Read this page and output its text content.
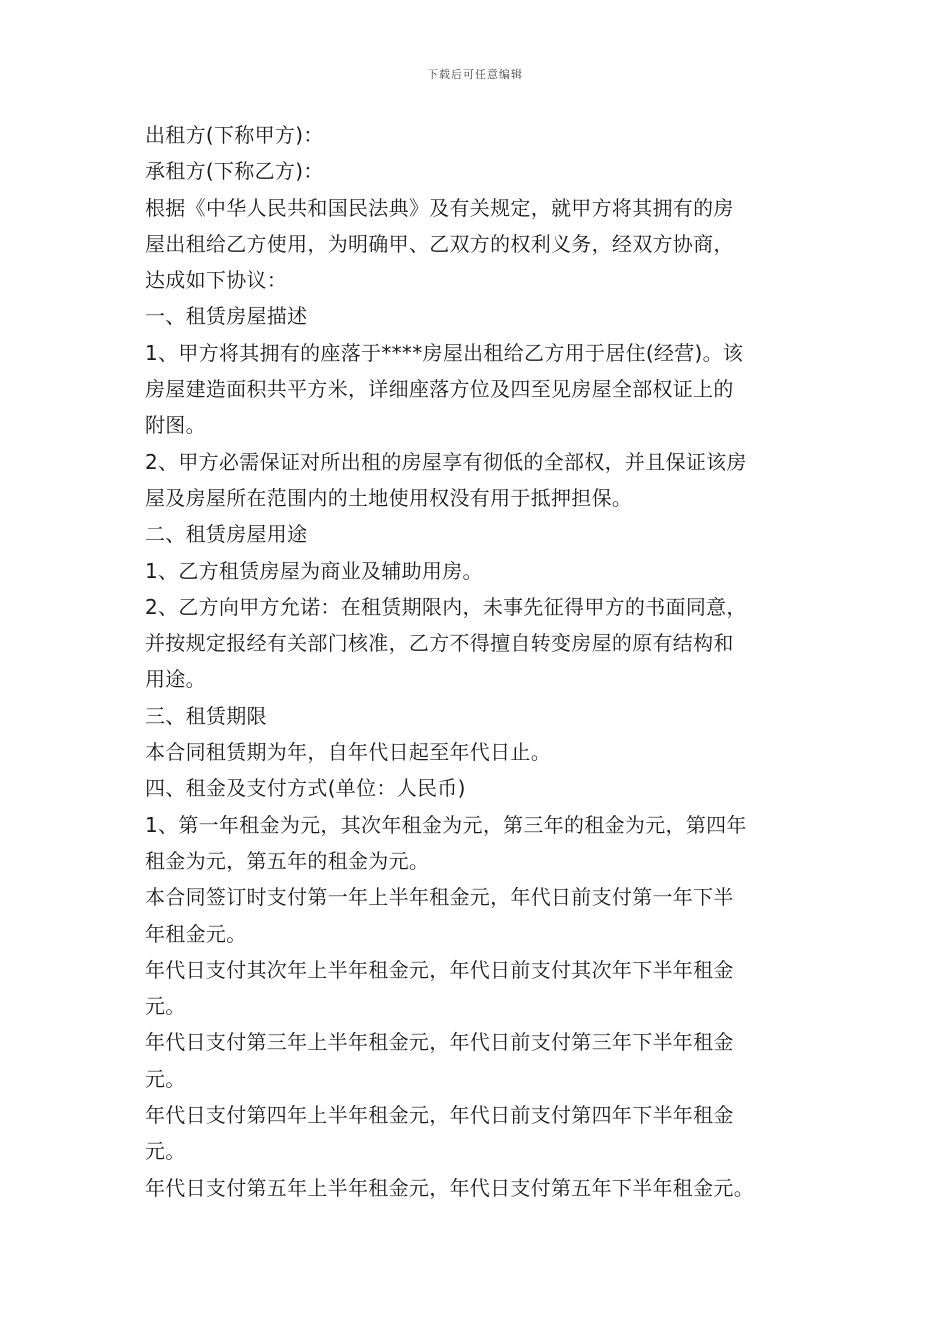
下载后可任意编辑
出租方(下称甲方)：
承租方(下称乙方)：
根据《中华人民共和国民法典》及有关规定，就甲方将其拥有的房
屋出租给乙方使用，为明确甲、乙双方的权利义务，经双方协商，
达成如下协议：
一、租赁房屋描述
1、甲方将其拥有的座落于****房屋出租给乙方用于居住(经营)。该
房屋建造面积共平方米，详细座落方位及四至见房屋全部权证上的
附图。
2、甲方必需保证对所出租的房屋享有彻低的全部权，并且保证该房
屋及房屋所在范围内的土地使用权没有用于抵押担保。
二、租赁房屋用途
1、乙方租赁房屋为商业及辅助用房。
2、乙方向甲方允诺：在租赁期限内，未事先征得甲方的书面同意，
并按规定报经有关部门核准，乙方不得擅自转变房屋的原有结构和
用途。
三、租赁期限
本合同租赁期为年，自年代日起至年代日止。
四、租金及支付方式(单位：人民币)
1、第一年租金为元，其次年租金为元，第三年的租金为元，第四年
租金为元，第五年的租金为元。
本合同签订时支付第一年上半年租金元，年代日前支付第一年下半
年租金元。
年代日支付其次年上半年租金元，年代日前支付其次年下半年租金
元。
年代日支付第三年上半年租金元，年代日前支付第三年下半年租金
元。
年代日支付第四年上半年租金元，年代日前支付第四年下半年租金
元。
年代日支付第五年上半年租金元，年代日支付第五年下半年租金元。
